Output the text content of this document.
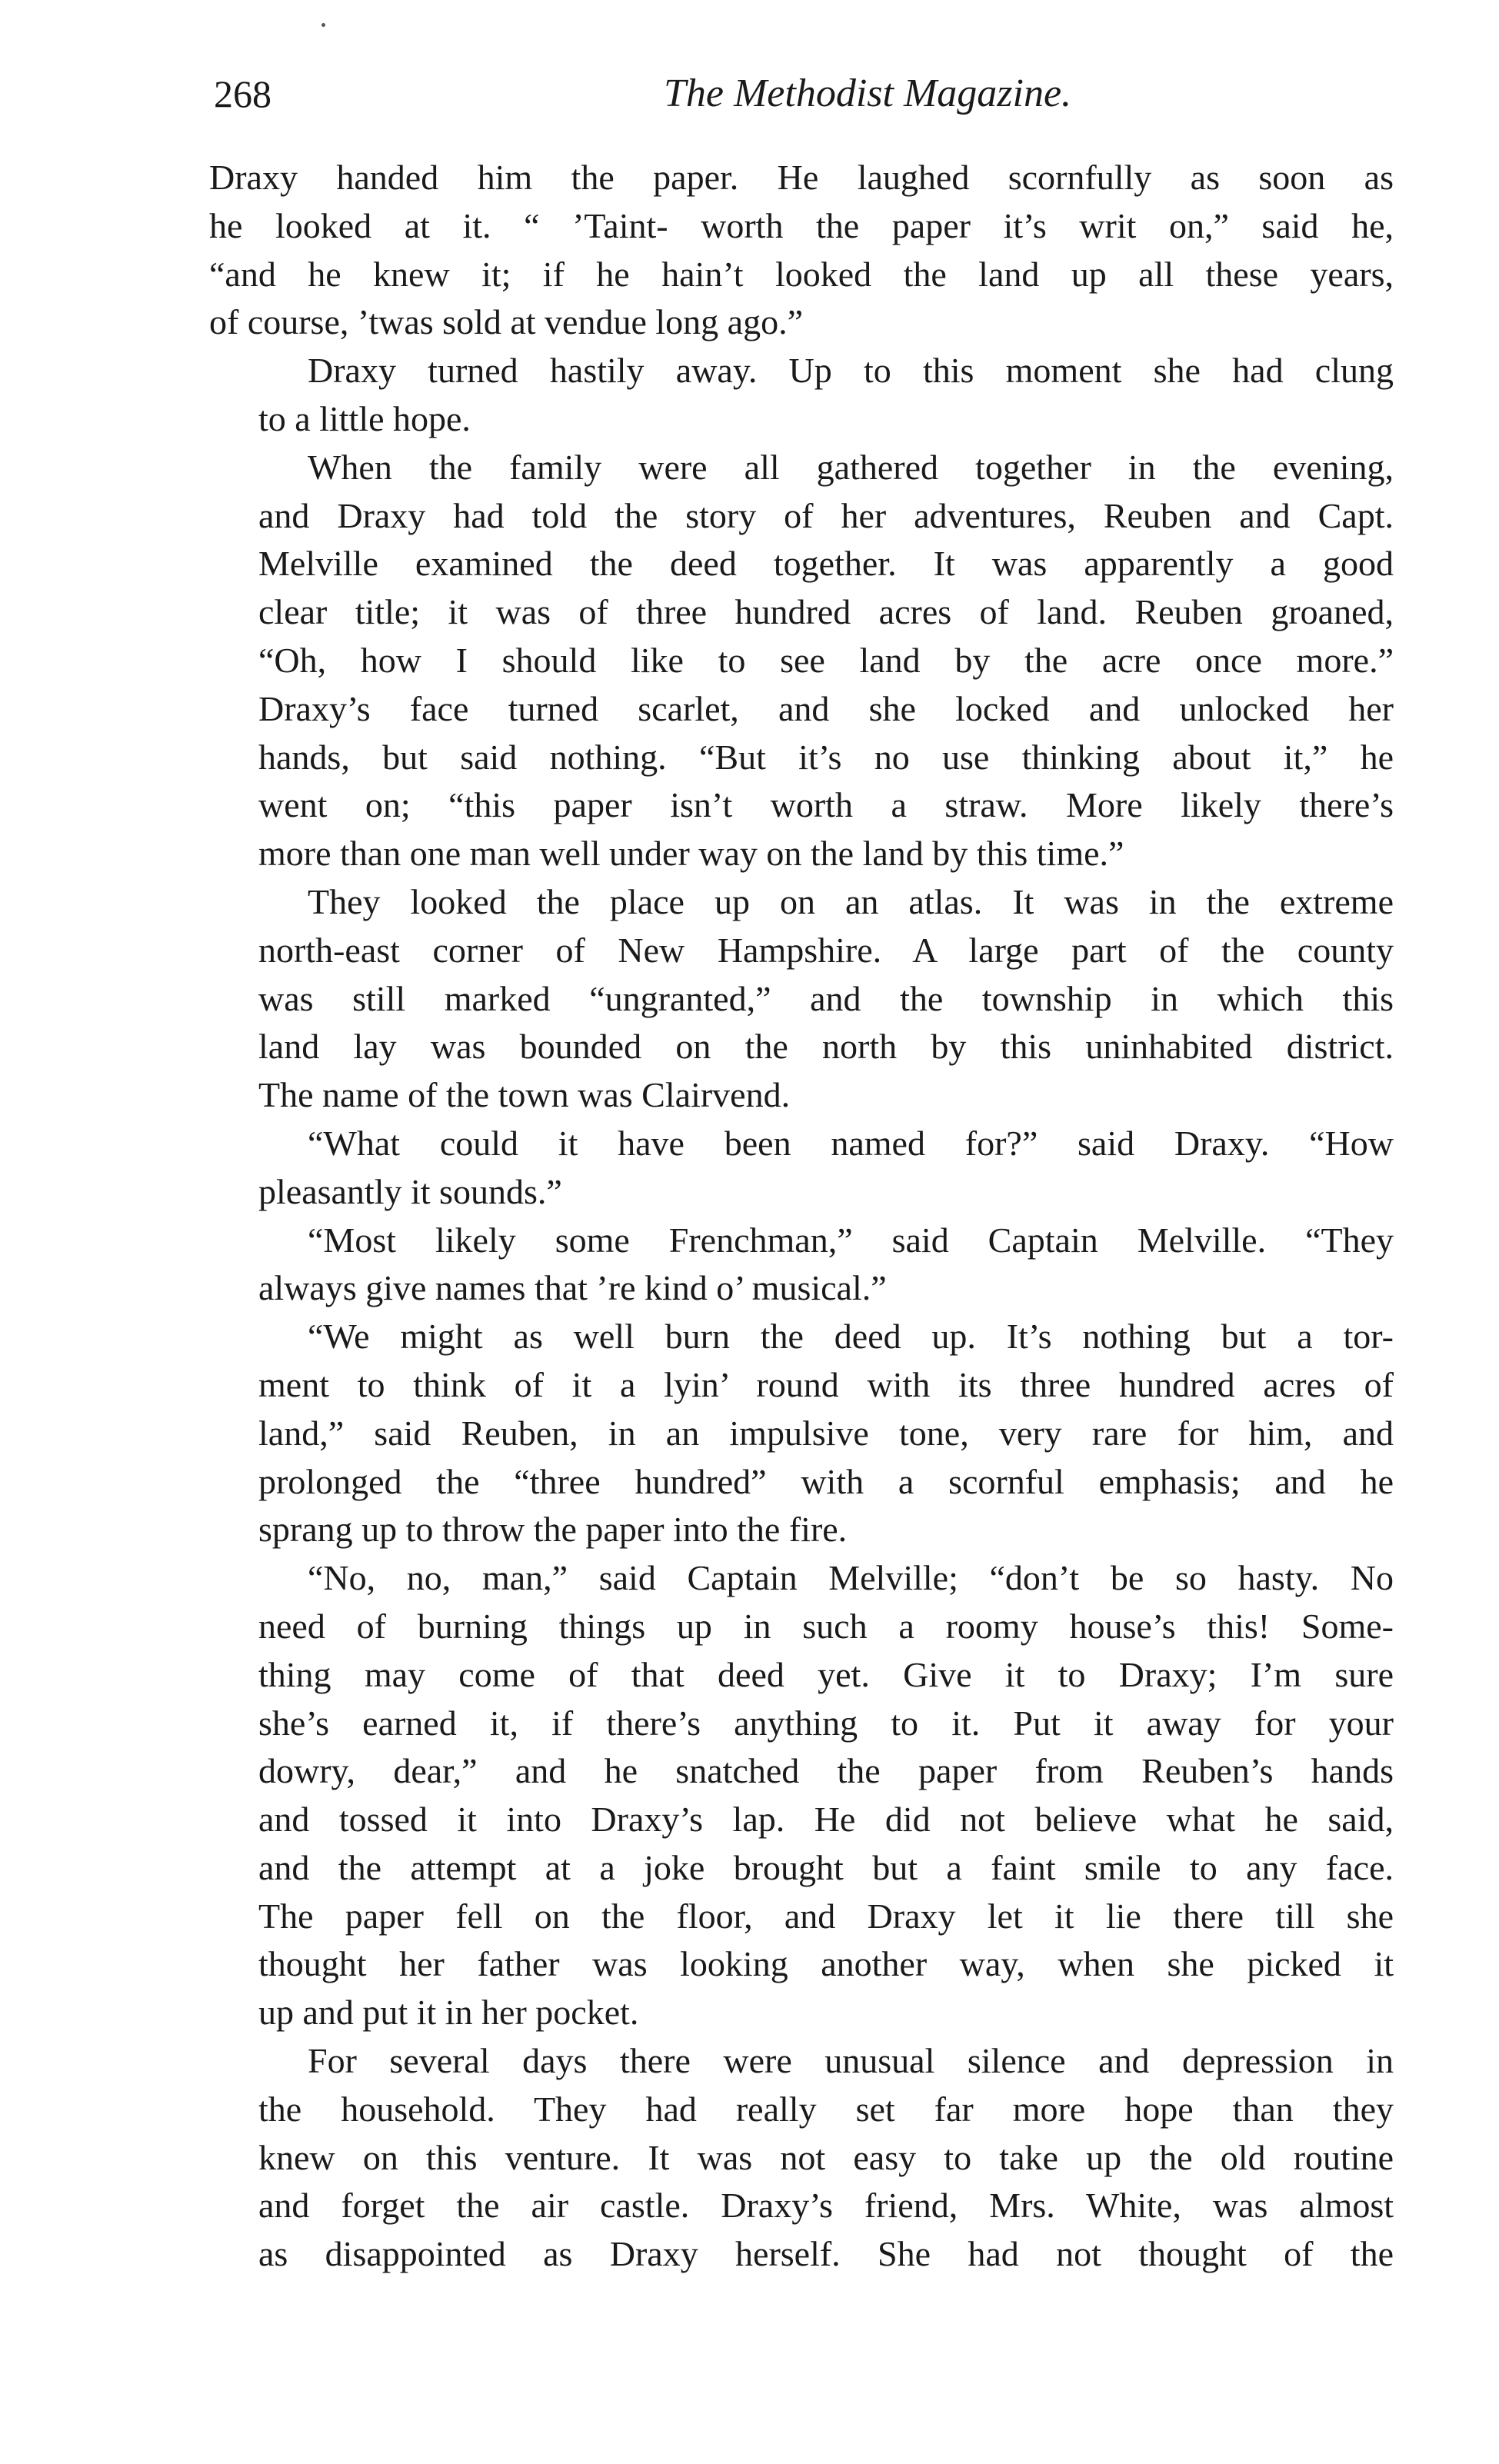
268	The Methodist Magazine.
Draxy handed him the paper. He laughed scornfully as soon as
he looked at it. “ ’Taint- worth the paper it’s writ on,” said he,
“and he knew it; if he hain’t looked the land up all these years,
of course, ’twas sold at vendue long ago.”
Draxy turned hastily away. Up to this moment she had clung
to a little hope.
When the family were all gathered together in the evening,
and Draxy had told the story of her adventures, Reuben and Capt.
Melville examined the deed together. It was apparently a good
clear title; it was of three hundred acres of land. Reuben groaned,
“Oh, how I should like to see land by the acre once more.”
Draxy’s face turned scarlet, and she locked and unlocked her
hands, but said nothing. “But it’s no use thinking about it,” he
went on; “this paper isn’t worth a straw. More likely there’s
more than one man well under way on the land by this time.”
They looked the place up on an atlas. It was in the extreme
north-east corner of New Hampshire. A large part of the county
was still marked “ungranted,” and the township in which this
land lay was bounded on the north by this uninhabited district.
The name of the town was Clairvend.
“What could it have been named for?” said Draxy. “How
pleasantly it sounds.”
“Most likely some Frenchman,” said Captain Melville. “They
always give names that ’re kind o’ musical.”
“We might as well burn the deed up. It’s nothing but a tor-
ment to think of it a lyin’ round with its three hundred acres of
land,” said Reuben, in an impulsive tone, very rare for him, and
prolonged the “three hundred” with a scornful emphasis; and he
sprang up to throw the paper into the fire.
“No, no, man,” said Captain Melville; “don’t be so hasty. No
need of burning things up in such a roomy house’s this! Some-
thing may come of that deed yet. Give it to Draxy; I’m sure
she’s earned it, if there’s anything to it. Put it away for your
dowry, dear,” and he snatched the paper from Reuben’s hands
and tossed it into Draxy’s lap. He did not believe what he said,
and the attempt at a joke brought but a faint smile to any face.
The paper fell on the floor, and Draxy let it lie there till she
thought her father was looking another way, when she picked it
up and put it in her pocket.
For several days there were unusual silence and depression in
the household. They had really set far more hope than they
knew on this venture. It was not easy to take up the old routine
and forget the air castle. Draxy’s friend, Mrs. White, was almost
as disappointed as Draxy herself. She had not thought of the
